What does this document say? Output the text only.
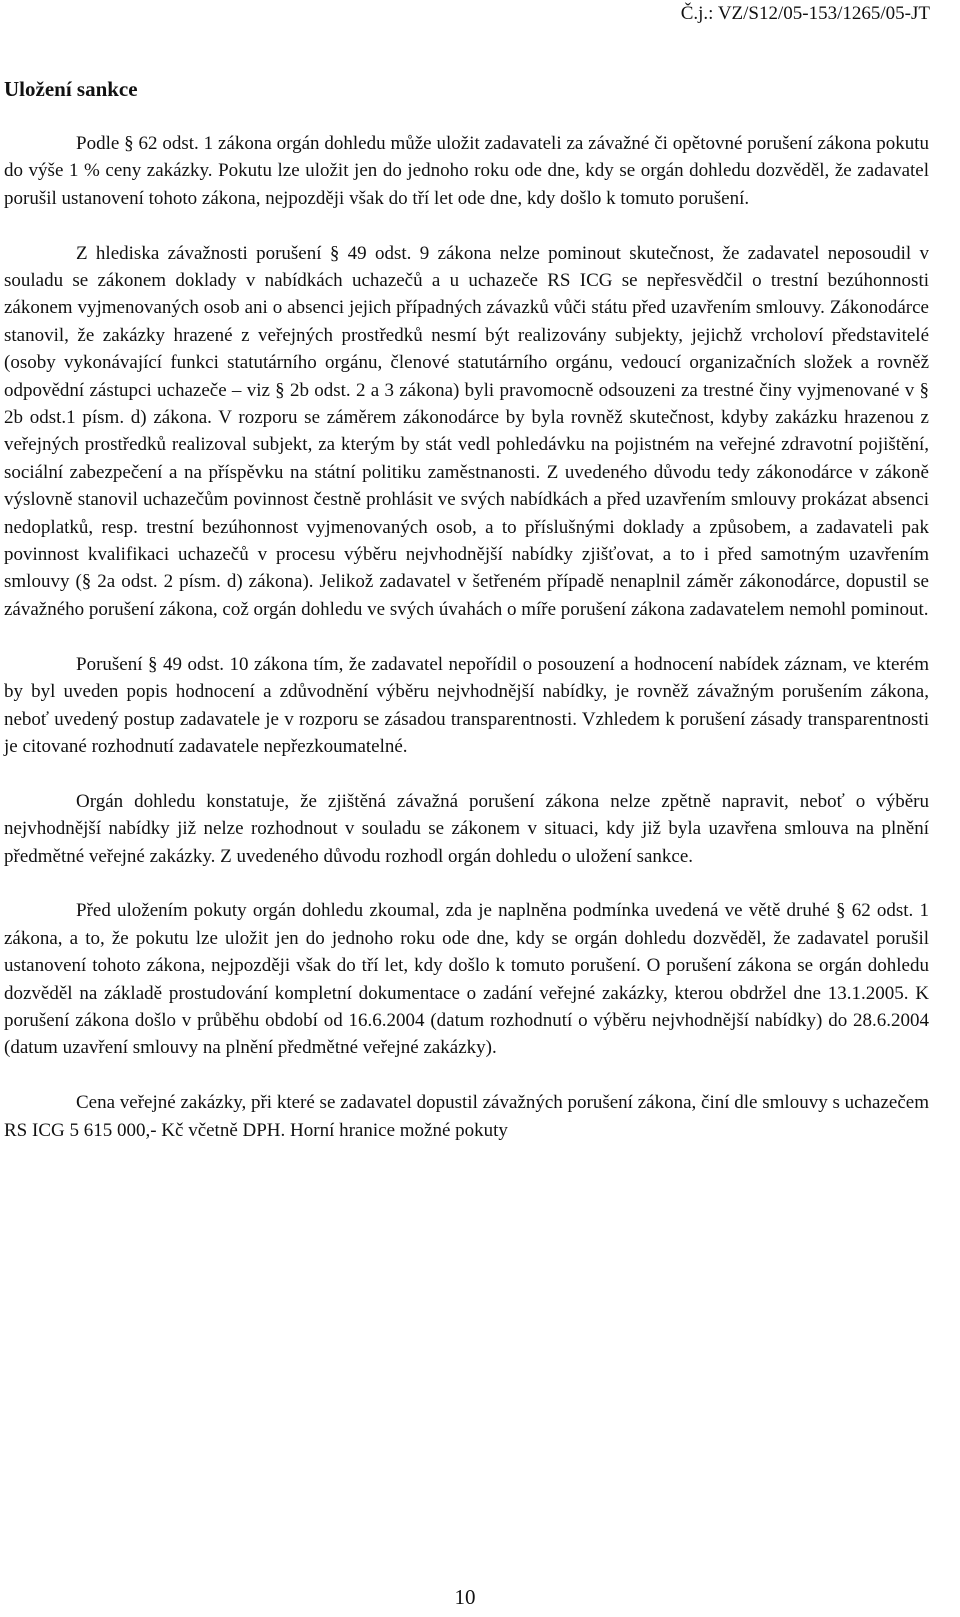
Č.j.: VZ/S12/05-153/1265/05-JT
Uložení sankce

Podle § 62 odst. 1 zákona orgán dohledu může uložit zadavateli za závažné či opětovné porušení zákona pokutu do výše 1 % ceny zakázky. Pokutu lze uložit jen do jednoho roku ode dne, kdy se orgán dohledu dozvěděl, že zadavatel porušil ustanovení tohoto zákona, nejpozději však do tří let ode dne, kdy došlo k tomuto porušení.

Z hlediska závažnosti porušení § 49 odst. 9 zákona nelze pominout skutečnost, že zadavatel neposoudil v souladu se zákonem doklady v nabídkách uchazečů a u uchazeče RS ICG se nepřesvědčil o trestní bezúhonnosti zákonem vyjmenovaných osob ani o absenci jejich případných závazků vůči státu před uzavřením smlouvy. Zákonodárce stanovil, že zakázky hrazené z veřejných prostředků nesmí být realizovány subjekty, jejichž vrcholoví představitelé (osoby vykonávající funkci statutárního orgánu, členové statutárního orgánu, vedoucí organizačních složek a rovněž odpovědní zástupci uchazeče – viz § 2b odst. 2 a 3 zákona) byli pravomocně odsouzeni za trestné činy vyjmenované v § 2b odst.1 písm. d) zákona. V rozporu se záměrem zákonodárce by byla rovněž skutečnost, kdyby zakázku hrazenou z veřejných prostředků realizoval subjekt, za kterým by stát vedl pohledávku na pojistném na veřejné zdravotní pojištění, sociální zabezpečení a na příspěvku na státní politiku zaměstnanosti. Z uvedeného důvodu tedy zákonodárce v zákoně výslovně stanovil uchazečům povinnost čestně prohlásit ve svých nabídkách a před uzavřením smlouvy prokázat absenci nedoplatků, resp. trestní bezúhonnost vyjmenovaných osob, a to příslušnými doklady a způsobem, a zadavateli pak povinnost kvalifikaci uchazečů v procesu výběru nejvhodnější nabídky zjišťovat, a to i před samotným uzavřením smlouvy (§ 2a odst. 2 písm. d) zákona). Jelikož zadavatel v šetřeném případě nenaplnil záměr zákonodárce, dopustil se závažného porušení zákona, což orgán dohledu ve svých úvahách o míře porušení zákona zadavatelem nemohl pominout.

Porušení § 49 odst. 10 zákona tím, že zadavatel nepořídil o posouzení a hodnocení nabídek záznam, ve kterém by byl uveden popis hodnocení a zdůvodnění výběru nejvhodnější nabídky, je rovněž závažným porušením zákona, neboť uvedený postup zadavatele je v rozporu se zásadou transparentnosti. Vzhledem k porušení zásady transparentnosti je citované rozhodnutí zadavatele nepřezkoumatelné.

Orgán dohledu konstatuje, že zjištěná závažná porušení zákona nelze zpětně napravit, neboť o výběru nejvhodnější nabídky již nelze rozhodnout v souladu se zákonem v situaci, kdy již byla uzavřena smlouva na plnění předmětné veřejné zakázky. Z uvedeného důvodu rozhodl orgán dohledu o uložení sankce.

Před uložením pokuty orgán dohledu zkoumal, zda je naplněna podmínka uvedená ve větě druhé § 62 odst. 1 zákona, a to, že pokutu lze uložit jen do jednoho roku ode dne, kdy se orgán dohledu dozvěděl, že zadavatel porušil ustanovení tohoto zákona, nejpozději však do tří let, kdy došlo k tomuto porušení. O porušení zákona se orgán dohledu dozvěděl na základě prostudování kompletní dokumentace o zadání veřejné zakázky, kterou obdržel dne 13.1.2005. K porušení zákona došlo v průběhu období od 16.6.2004 (datum rozhodnutí o výběru nejvhodnější nabídky) do 28.6.2004 (datum uzavření smlouvy na plnění předmětné veřejné zakázky).

Cena veřejné zakázky, při které se zadavatel dopustil závažných porušení zákona, činí dle smlouvy s uchazečem RS ICG 5 615 000,- Kč včetně DPH. Horní hranice možné pokuty

10
